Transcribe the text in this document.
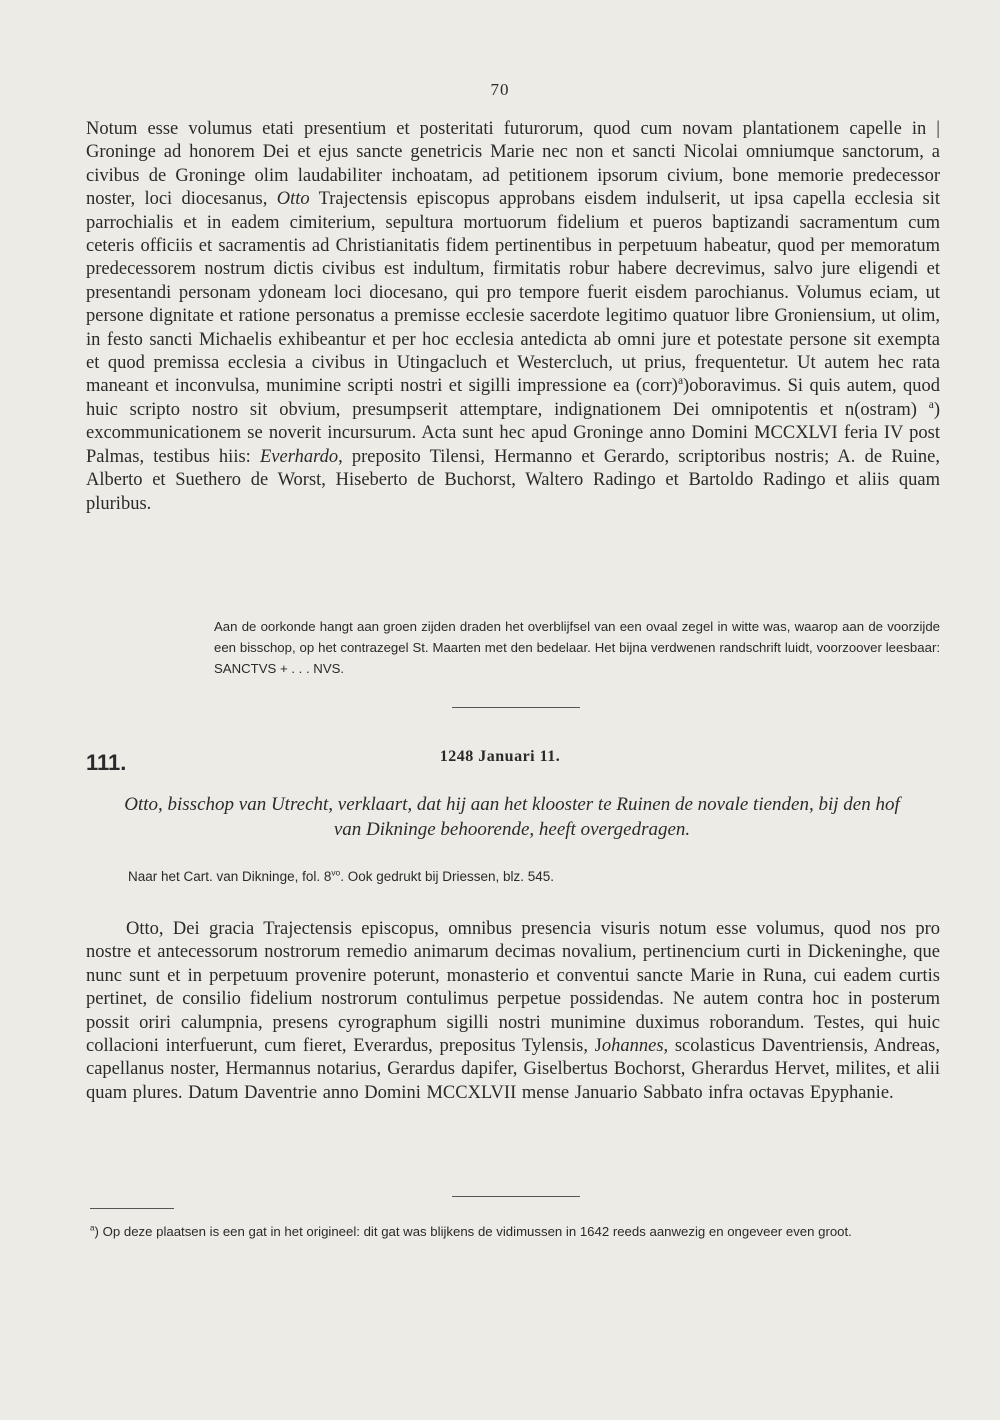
70

Notum esse volumus etati presentium et posteritati futurorum, quod cum novam plantationem capelle in | Groninge ad honorem Dei et ejus sancte genetricis Marie nec non et sancti Nicolai omniumque sanctorum, a civibus de Groninge olim laudabiliter inchoatam, ad petitionem ipsorum civium, bone memorie predecessor noster, loci diocesanus, Otto Trajectensis episcopus approbans eisdem indulserit, ut ipsa capella ecclesia sit parrochialis et in eadem cimiterium, sepultura mortuorum fidelium et pueros baptizandi sacramentum cum ceteris officiis et sacramentis ad Christianitatis fidem pertinentibus in perpetuum habeatur, quod per memoratum predecessorem nostrum dictis civibus est indultum, firmitatis robur habere decrevimus, salvo jure eligendi et presentandi personam ydoneam loci diocesano, qui pro tempore fuerit eisdem parochianus. Volumus eciam, ut persone dignitate et ratione personatus a premisse ecclesie sacerdote legitimo quatuor libre Groniensium, ut olim, in festo sancti Michaelis exhibeantur et per hoc ecclesia antedicta ab omni jure et potestate persone sit exempta et quod premissa ecclesia a civibus in Utingacluch et Westercluch, ut prius, frequentetur. Ut autem hec rata maneant et inconvulsa, munimine scripti nostri et sigilli impressione ea (corr)$^a$)oboravimus. Si quis autem, quod huic scripto nostro sit obvium, presumpserit attemptare, indignationem Dei omnipotentis et n(ostram) $^a$) excommunicationem se noverit incursurum. Acta sunt hec apud Groninge anno Domini MCCXLVI feria IV post Palmas, testibus hiis: Everhardo, preposito Tilensi, Hermanno et Gerardo, scriptoribus nostris; A. de Ruine, Alberto et Suethero de Worst, Hiseberto de Buchorst, Waltero Radingo et Bartoldo Radingo et aliis quam pluribus.

Aan de oorkonde hangt aan groen zijden draden het overblijfsel van een ovaal zegel in witte was, waarop aan de voorzijde een bisschop, op het contrazegel St. Maarten met den bedelaar. Het bijna verdwenen randschrift luidt, voorzoover leesbaar: SANCTVS + . . . NVS.

111.	1248 Januari 11.

Otto, bisschop van Utrecht, verklaart, dat hij aan het klooster te Ruinen de novale tienden, bij den hof van Dikninge behoorende, heeft overgedragen.

Naar het Cart. van Dikninge, fol. $8^{vo}$. Ook gedrukt bij Driessen, blz. 545.

Otto, Dei gracia Trajectensis episcopus, omnibus presencia visuris notum esse volumus, quod nos pro nostre et antecessorum nostrorum remedio animarum decimas novalium, pertinencium curti in Dickeninghe, que nunc sunt et in perpetuum provenire poterunt, monasterio et conventui sancte Marie in Runa, cui eadem curtis pertinet, de consilio fidelium nostrorum contulimus perpetue possidendas. Ne autem contra hoc in posterum possit oriri calumpnia, presens cyrographum sigilli nostri munimine duximus roborandum. Testes, qui huic collacioni interfuerunt, cum fieret, Everardus, prepositus Tylensis, Johannes, scolasticus Daventriensis, Andreas, capellanus noster, Hermannus notarius, Gerardus dapifer, Giselbertus Bochorst, Gherardus Hervet, milites, et alii quam plures. Datum Daventrie anno Domini MCCXLVII mense Januario Sabbato infra octavas Epyphanie.

$^a$) Op deze plaatsen is een gat in het origineel: dit gat was blijkens de vidimussen in 1642 reeds aanwezig en ongeveer even groot.
